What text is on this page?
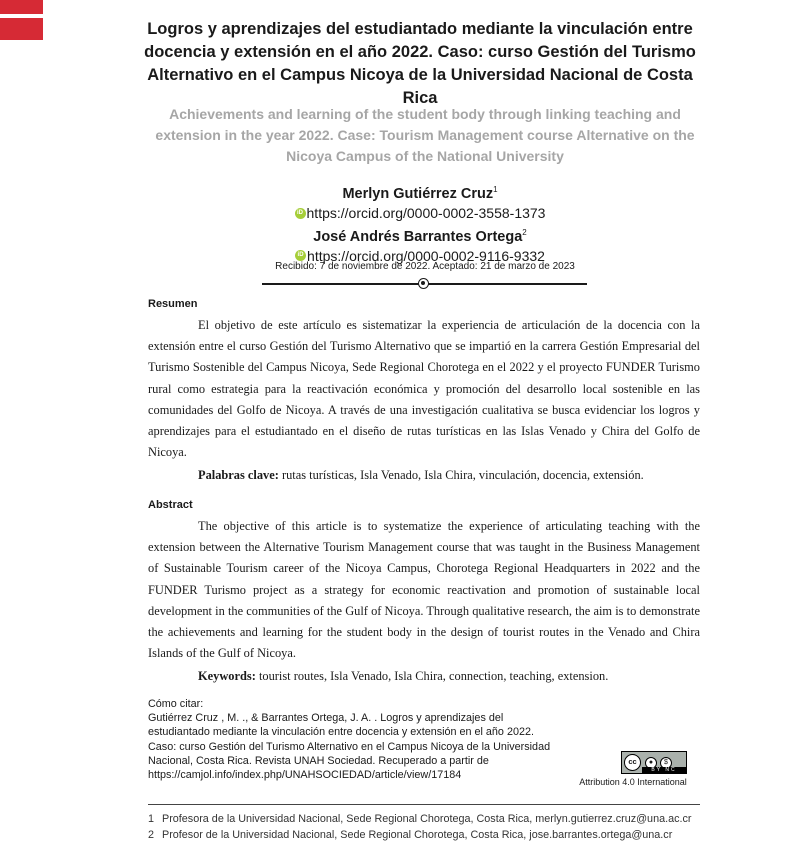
Logros y aprendizajes del estudiantado mediante la vinculación entre docencia y extensión en el año 2022. Caso: curso Gestión del Turismo Alternativo en el Campus Nicoya de la Universidad Nacional de Costa Rica
Achievements and learning of the student body through linking teaching and extension in the year 2022. Case: Tourism Management course Alternative on the Nicoya Campus of the National University
Merlyn Gutiérrez Cruz$^1$
iD https://orcid.org/0000-0002-3558-1373
José Andrés Barrantes Ortega$^2$
iD https://orcid.org/0000-0002-9116-9332
Recibido: 7 de noviembre de 2022. Aceptado: 21 de marzo de 2023
Resumen

El objetivo de este artículo es sistematizar la experiencia de articulación de la docencia con la extensión entre el curso Gestión del Turismo Alternativo que se impartió en la carrera Gestión Empresarial del Turismo Sostenible del Campus Nicoya, Sede Regional Chorotega en el 2022 y el proyecto FUNDER Turismo rural como estrategia para la reactivación económica y promoción del desarrollo local sostenible en las comunidades del Golfo de Nicoya. A través de una investigación cualitativa se busca evidenciar los logros y aprendizajes para el estudiantado en el diseño de rutas turísticas en las Islas Venado y Chira del Golfo de Nicoya.

Palabras clave: rutas turísticas, Isla Venado, Isla Chira, vinculación, docencia, extensión.
Abstract

The objective of this article is to systematize the experience of articulating teaching with the extension between the Alternative Tourism Management course that was taught in the Business Management of Sustainable Tourism career of the Nicoya Campus, Chorotega Regional Headquarters in 2022 and the FUNDER Turismo project as a strategy for economic reactivation and promotion of sustainable local development in the communities of the Gulf of Nicoya. Through qualitative research, the aim is to demonstrate the achievements and learning for the student body in the design of tourist routes in the Venado and Chira Islands of the Gulf of Nicoya.

Keywords: tourist routes, Isla Venado, Isla Chira, connection, teaching, extension.
Cómo citar:
Gutiérrez Cruz , M. ., & Barrantes Ortega, J. A. . Logros y aprendizajes del estudiantado mediante la vinculación entre docencia y extensión en el año 2022. Caso: curso Gestión del Turismo Alternativo en el Campus Nicoya de la Universidad Nacional, Costa Rica. Revista UNAH Sociedad. Recuperado a partir de https://camjol.info/index.php/UNAHSOCIEDAD/article/view/17184
cc	●	$
BY NC
Attribution 4.0 International
1 Profesora de la Universidad Nacional, Sede Regional Chorotega, Costa Rica, merlyn.gutierrez.cruz@una.ac.cr
2 Profesor de la Universidad Nacional, Sede Regional Chorotega, Costa Rica, jose.barrantes.ortega@una.cr
